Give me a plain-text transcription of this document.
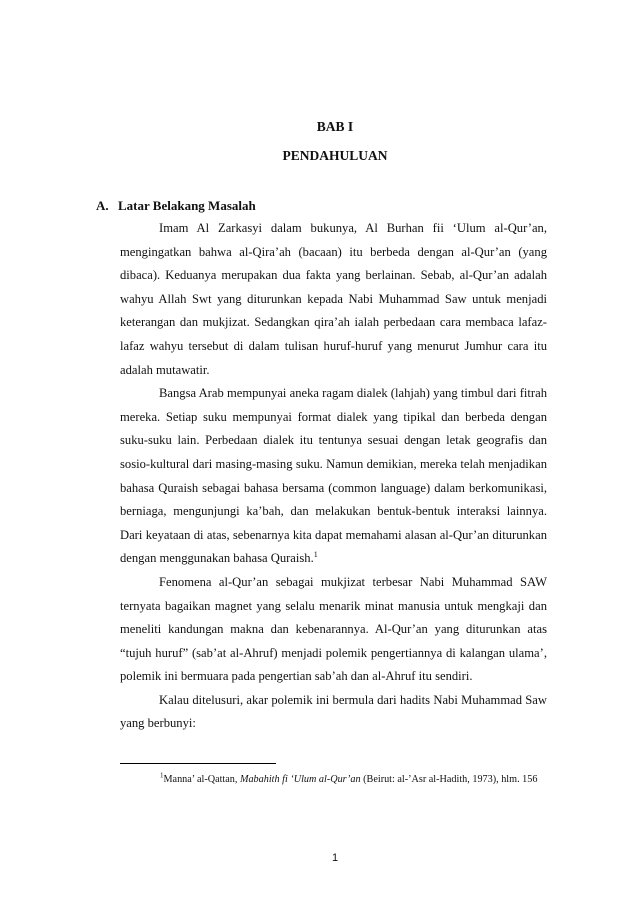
BAB I
PENDAHULUAN
A. Latar Belakang Masalah

Imam Al Zarkasyi dalam bukunya, Al Burhan fii ‘Ulum al-Qur’an, mengingatkan bahwa al-Qira’ah (bacaan) itu berbeda dengan al-Qur’an (yang dibaca). Keduanya merupakan dua fakta yang berlainan. Sebab, al-Qur’an adalah wahyu Allah Swt yang diturunkan kepada Nabi Muhammad Saw untuk menjadi keterangan dan mukjizat. Sedangkan qira’ah ialah perbedaan cara membaca lafaz-lafaz wahyu tersebut di dalam tulisan huruf-huruf yang menurut Jumhur cara itu adalah mutawatir.

Bangsa Arab mempunyai aneka ragam dialek (lahjah) yang timbul dari fitrah mereka. Setiap suku mempunyai format dialek yang tipikal dan berbeda dengan suku-suku lain. Perbedaan dialek itu tentunya sesuai dengan letak geografis dan sosio-kultural dari masing-masing suku. Namun demikian, mereka telah menjadikan bahasa Quraish sebagai bahasa bersama (common language) dalam berkomunikasi, berniaga, mengunjungi ka’bah, dan melakukan bentuk-bentuk interaksi lainnya. Dari keyataan di atas, sebenarnya kita dapat memahami alasan al-Qur’an diturunkan dengan menggunakan bahasa Quraish.$^1$

Fenomena al-Qur’an sebagai mukjizat terbesar Nabi Muhammad SAW ternyata bagaikan magnet yang selalu menarik minat manusia untuk mengkaji dan meneliti kandungan makna dan kebenarannya. Al-Qur’an yang diturunkan atas “tujuh huruf” (sab’at al-Ahruf) menjadi polemik pengertiannya di kalangan ulama’, polemik ini bermuara pada pengertian sab’ah dan al-Ahruf itu sendiri.

Kalau ditelusuri, akar polemik ini bermula dari hadits Nabi Muhammad Saw yang berbunyi:

$^1$Manna’ al-Qattan, Mabahith fi ‘Ulum al-Qur’an (Beirut: al-’Asr al-Hadith, 1973), hlm. 156

1
